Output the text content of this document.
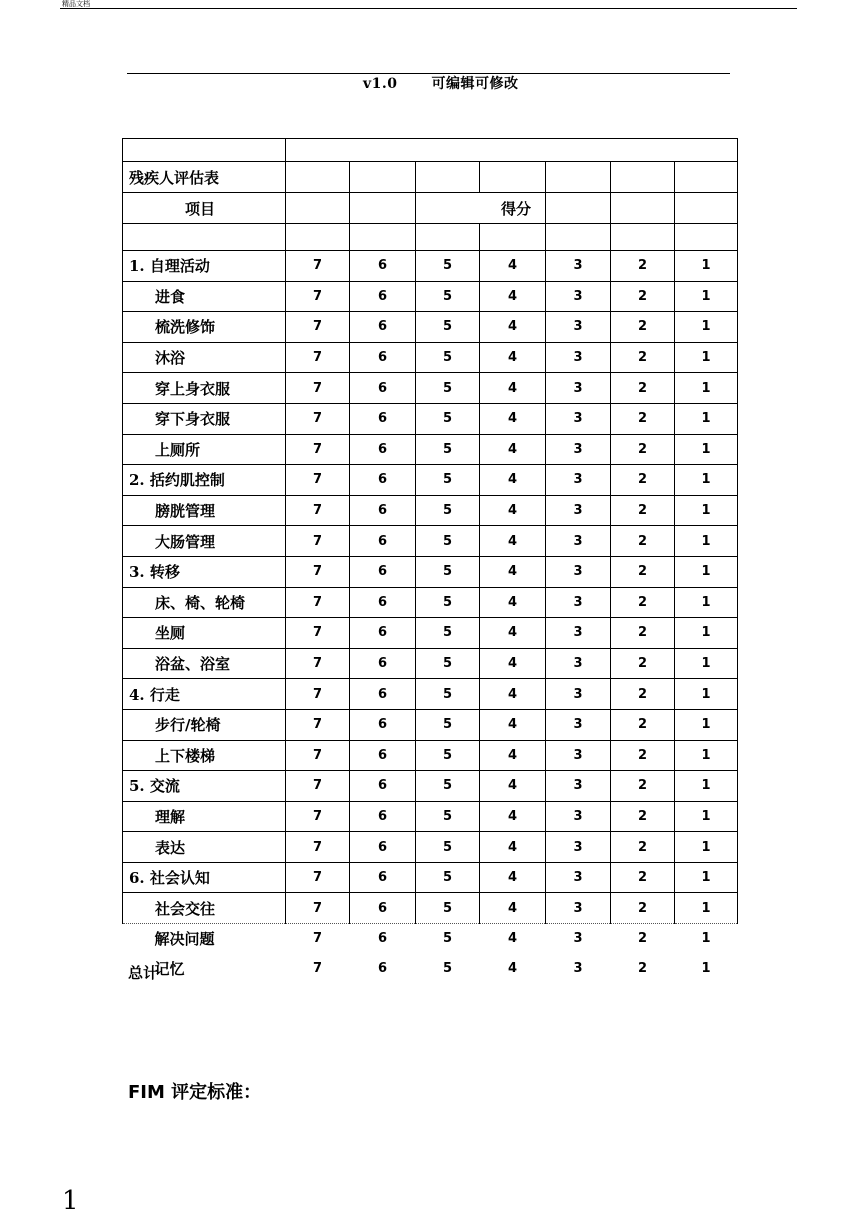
精品文档
v1.0 可编辑可修改

残疾人评估表							
项目			得分				

1. 自理活动	7	6	5	4	3	2	1
进食	7	6	5	4	3	2	1
梳洗修饰	7	6	5	4	3	2	1
沐浴	7	6	5	4	3	2	1
穿上身衣服	7	6	5	4	3	2	1
穿下身衣服	7	6	5	4	3	2	1
上厕所	7	6	5	4	3	2	1
2. 括约肌控制	7	6	5	4	3	2	1
膀胱管理	7	6	5	4	3	2	1
大肠管理	7	6	5	4	3	2	1
3. 转移	7	6	5	4	3	2	1
床、椅、轮椅	7	6	5	4	3	2	1
坐厕	7	6	5	4	3	2	1
浴盆、浴室	7	6	5	4	3	2	1
4. 行走	7	6	5	4	3	2	1
步行/轮椅	7	6	5	4	3	2	1
上下楼梯	7	6	5	4	3	2	1
5. 交流	7	6	5	4	3	2	1
理解	7	6	5	4	3	2	1
表达	7	6	5	4	3	2	1
6. 社会认知	7	6	5	4	3	2	1
社会交往	7	6	5	4	3	2	1
解决问题	7	6	5	4	3	2	1
记忆	7	6	5	4	3	2	1
总计
FIM 评定标准：
1
